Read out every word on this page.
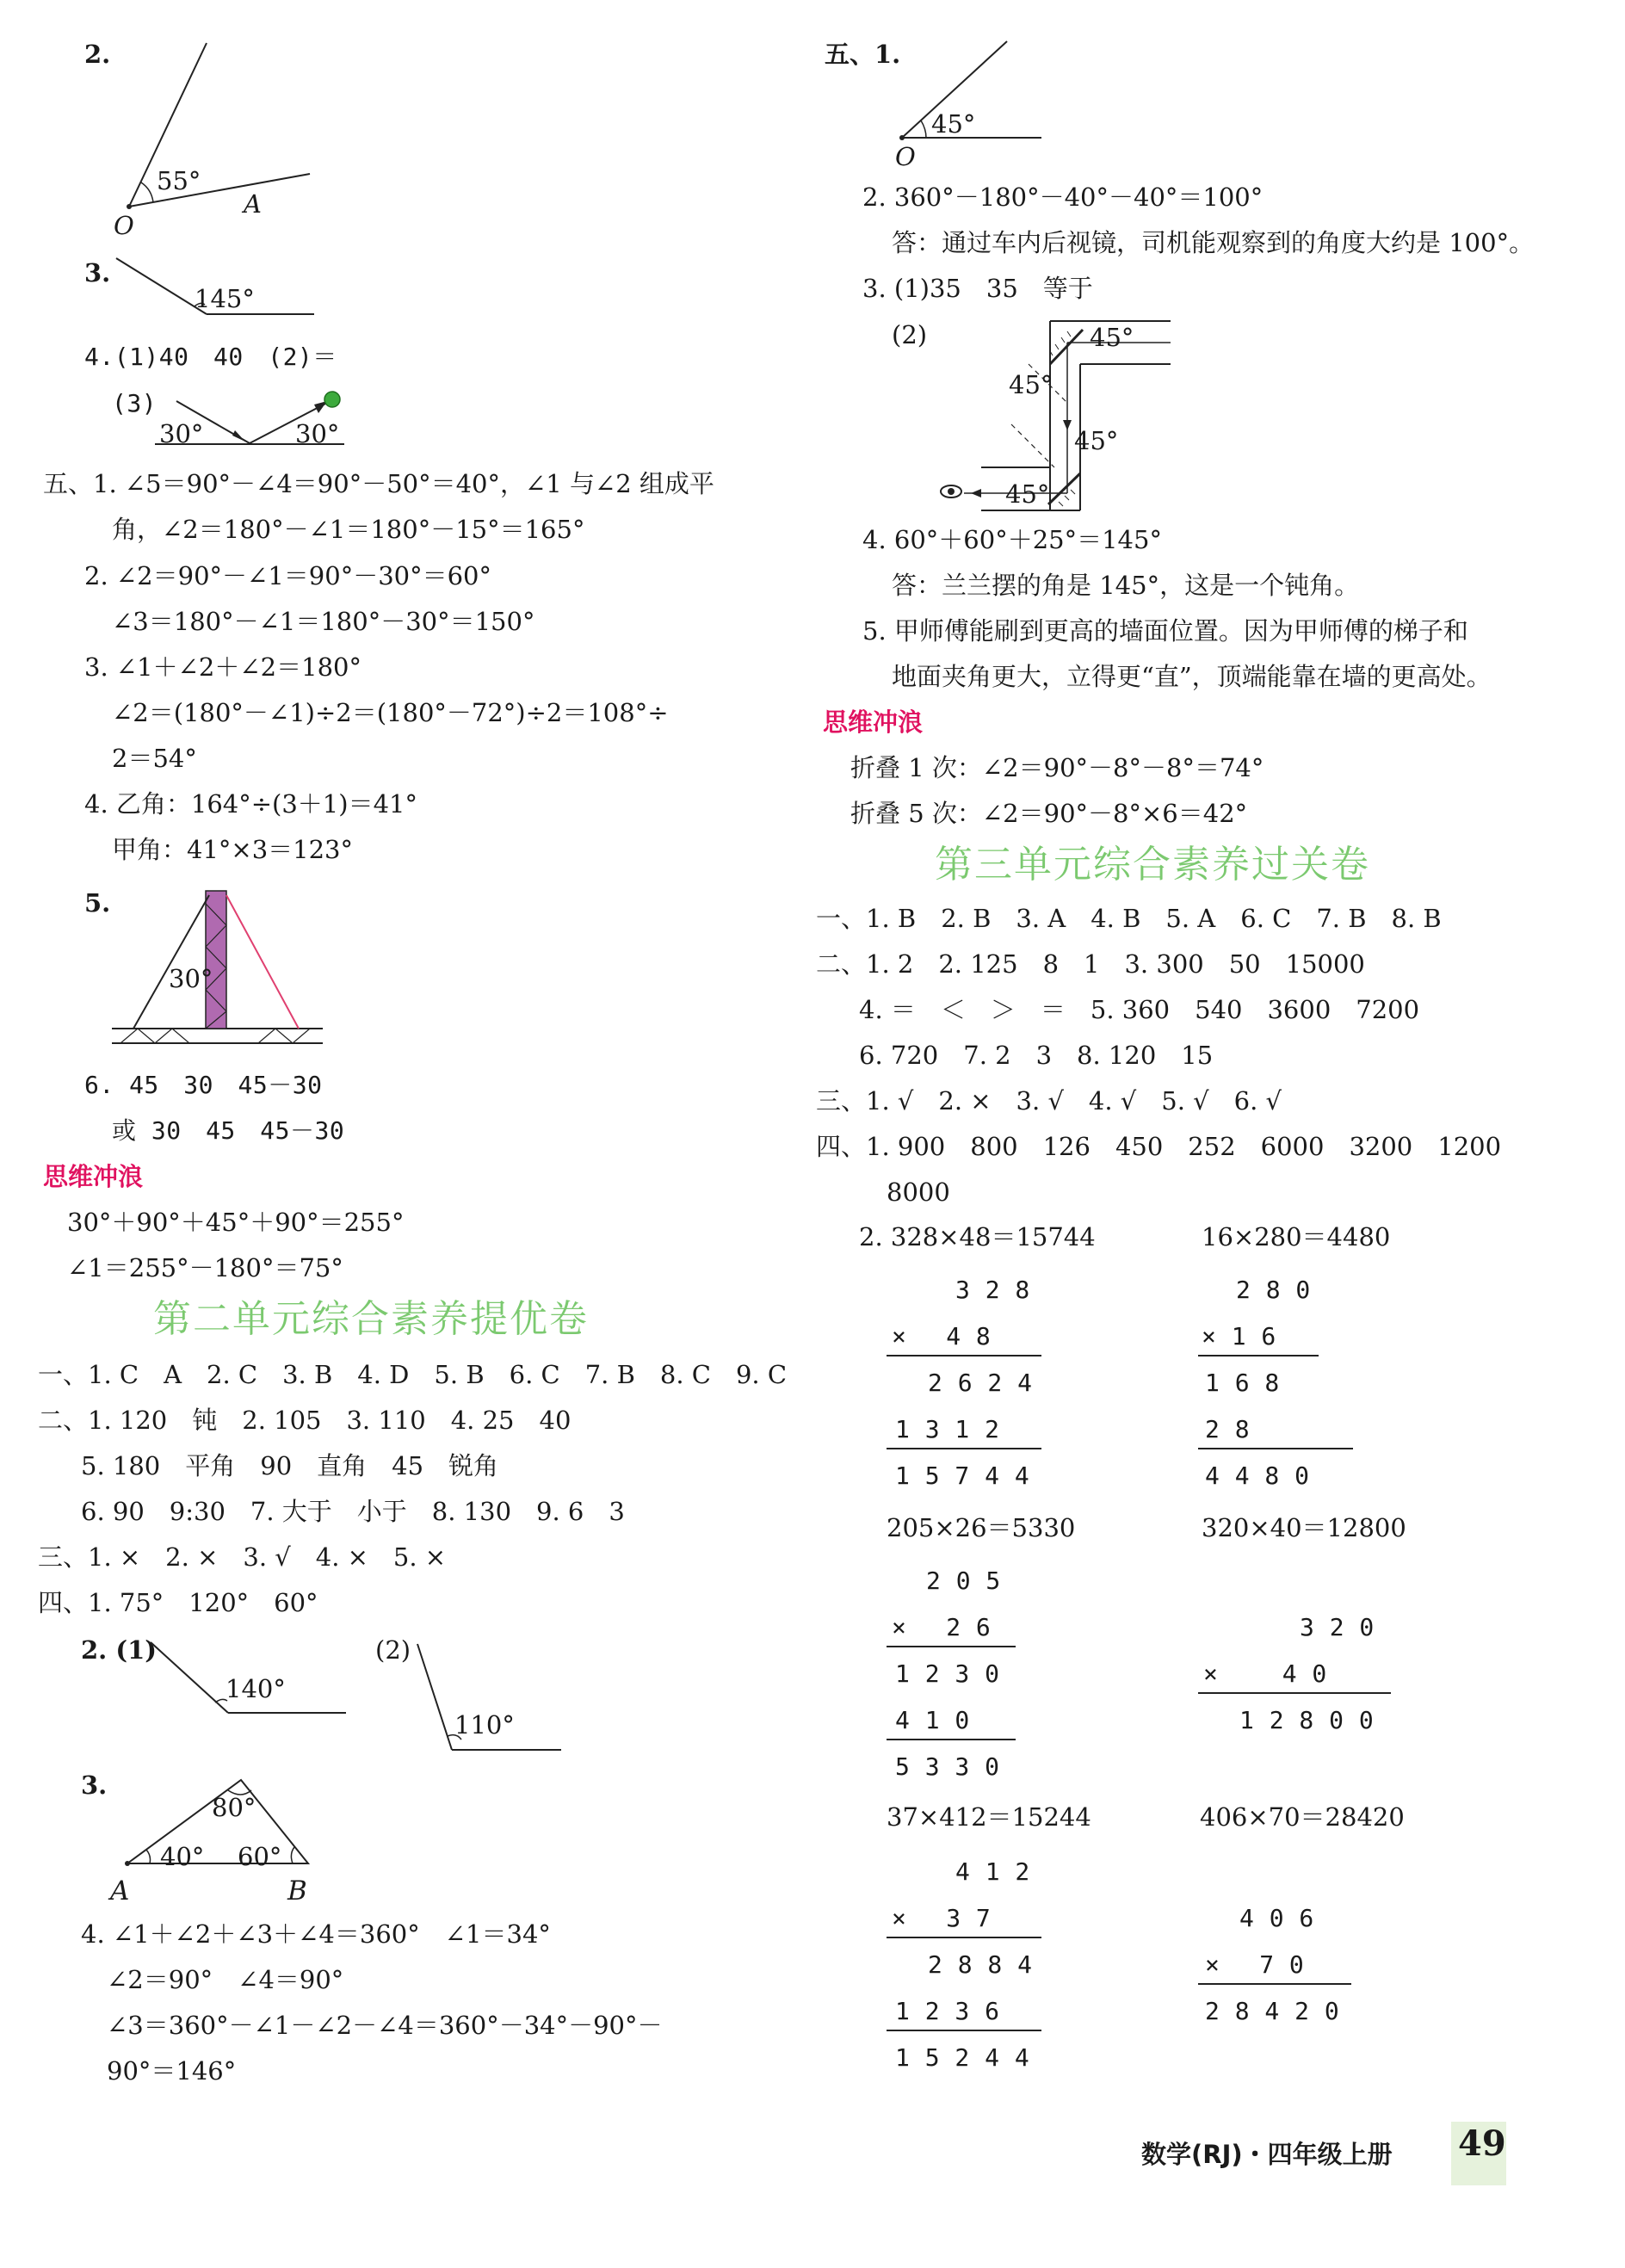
2.
55°
O
A
3.
145°
4.(1)40　40　(2)＝
(3)
30°	30°
五、1. ∠5＝90°－∠4＝90°－50°＝40°，∠1 与∠2 组成平
角，∠2＝180°－∠1＝180°－15°＝165°
2. ∠2＝90°－∠1＝90°－30°＝60°
∠3＝180°－∠1＝180°－30°＝150°
3. ∠1＋∠2＋∠2＝180°
∠2＝(180°－∠1)÷2＝(180°－72°)÷2＝108°÷
2＝54°
4. 乙角：164°÷(3＋1)＝41°
甲角：41°×3＝123°
5.
30°
6. 45　30　45－30
或 30　45　45－30
思维冲浪
30°＋90°＋45°＋90°＝255°
∠1＝255°－180°＝75°
第二单元综合素养提优卷
一、1. C　A　2. C　3. B　4. D　5. B　6. C　7. B　8. C　9. C
二、1. 120　钝　2. 105　3. 110　4. 25　40
5. 180　平角　90　直角　45　锐角
6. 90　9:30　7. 大于　小于　8. 130　9. 6　3
三、1. ×　2. ×　3. √　4. ×　5. ×
四、1. 75°　120°　60°
2. (1)
140°
(2)
110°
3.
80°
40° 60°
A	B
4. ∠1＋∠2＋∠3＋∠4＝360°　∠1＝34°
∠2＝90°　∠4＝90°
∠3＝360°－∠1－∠2－∠4＝360°－34°－90°－
90°＝146°
五、1.
45°
O
2. 360°－180°－40°－40°＝100°
答：通过车内后视镜，司机能观察到的角度大约是 100°。
3. (1)35　35　等于
(2)	45°
45°
45°
45°
4. 60°＋60°＋25°＝145°
答：兰兰摆的角是 145°，这是一个钝角。
5. 甲师傅能刷到更高的墙面位置。因为甲师傅的梯子和
地面夹角更大，立得更“直”，顶端能靠在墙的更高处。
思维冲浪
折叠 1 次：∠2＝90°－8°－8°＝74°
折叠 5 次：∠2＝90°－8°×6＝42°
第三单元综合素养过关卷
一、1. B　2. B　3. A　4. B　5. A　6. C　7. B　8. B
二、1. 2　2. 125　8　1　3. 300　50　15000
4. ＝　＜　＞　＝　5. 360　540　3600　7200
6. 720　7. 2　3　8. 120　15
三、1. √　2. ×　3. √　4. √　5. √　6. √
四、1. 900　800　126　450　252　6000　3200　1200
8000
2. 328×48＝15744
3 2 8
×　 4 8
2 6 2 4
1 3 1 2
1 5 7 4 4
16×280＝4480
2 8 0
× 1 6
1 6 8
2 8
4 4 8 0
205×26＝5330
2 0 5
×　 2 6
1 2 3 0
4 1 0
5 3 3 0
320×40＝12800
3 2 0
×　　 4 0
1 2 8 0 0
37×412＝15244
4 1 2
×　 3 7
2 8 8 4
1 2 3 6
1 5 2 4 4
406×70＝28420
4 0 6
×　 7 0
2 8 4 2 0
数学(RJ)・四年级上册 49
